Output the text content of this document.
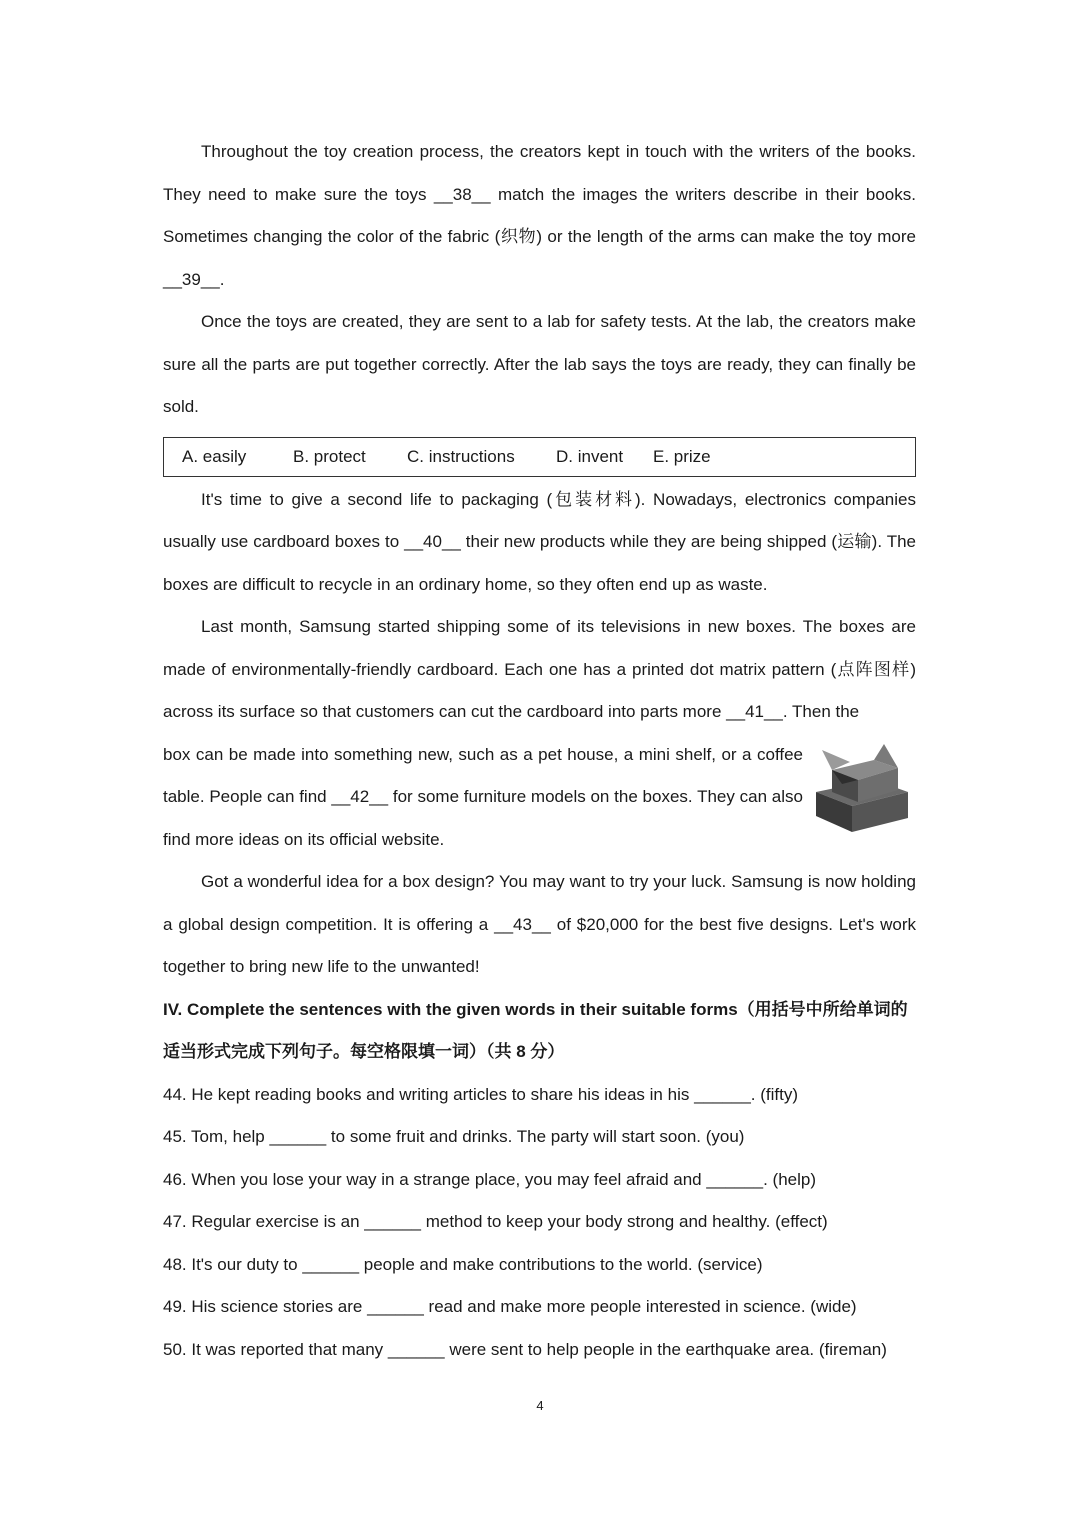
Throughout the toy creation process, the creators kept in touch with the writers of the books. They need to make sure the toys __38__ match the images the writers describe in their books. Sometimes changing the color of the fabric (织物) or the length of the arms can make the toy more __39__.

Once the toys are created, they are sent to a lab for safety tests. At the lab, the creators make sure all the parts are put together correctly. After the lab says the toys are ready, they can finally be sold.

A. easily	B. protect	C. instructions	D. invent	E. prize

It's time to give a second life to packaging (包装材料). Nowadays, electronics companies usually use cardboard boxes to __40__ their new products while they are being shipped (运输). The boxes are difficult to recycle in an ordinary home, so they often end up as waste.

Last month, Samsung started shipping some of its televisions in new boxes. The boxes are made of environmentally-friendly cardboard. Each one has a printed dot matrix pattern (点阵图样) across its surface so that customers can cut the cardboard into parts more __41__. Then the

box can be made into something new, such as a pet house, a mini shelf, or a coffee table. People can find __42__ for some furniture models on the boxes. They can also find more ideas on its official website.

Got a wonderful idea for a box design? You may want to try your luck. Samsung is now holding a global design competition. It is offering a __43__ of $20,000 for the best five designs. Let's work together to bring new life to the unwanted!

IV. Complete the sentences with the given words in their suitable forms（用括号中所给单词的适当形式完成下列句子。每空格限填一词）（共 8 分）

44. He kept reading books and writing articles to share his ideas in his ______. (fifty)

45. Tom, help ______ to some fruit and drinks. The party will start soon. (you)

46. When you lose your way in a strange place, you may feel afraid and ______. (help)

47. Regular exercise is an ______ method to keep your body strong and healthy. (effect)

48. It's our duty to ______ people and make contributions to the world. (service)

49. His science stories are ______ read and make more people interested in science. (wide)

50. It was reported that many ______ were sent to help people in the earthquake area. (fireman)

4
